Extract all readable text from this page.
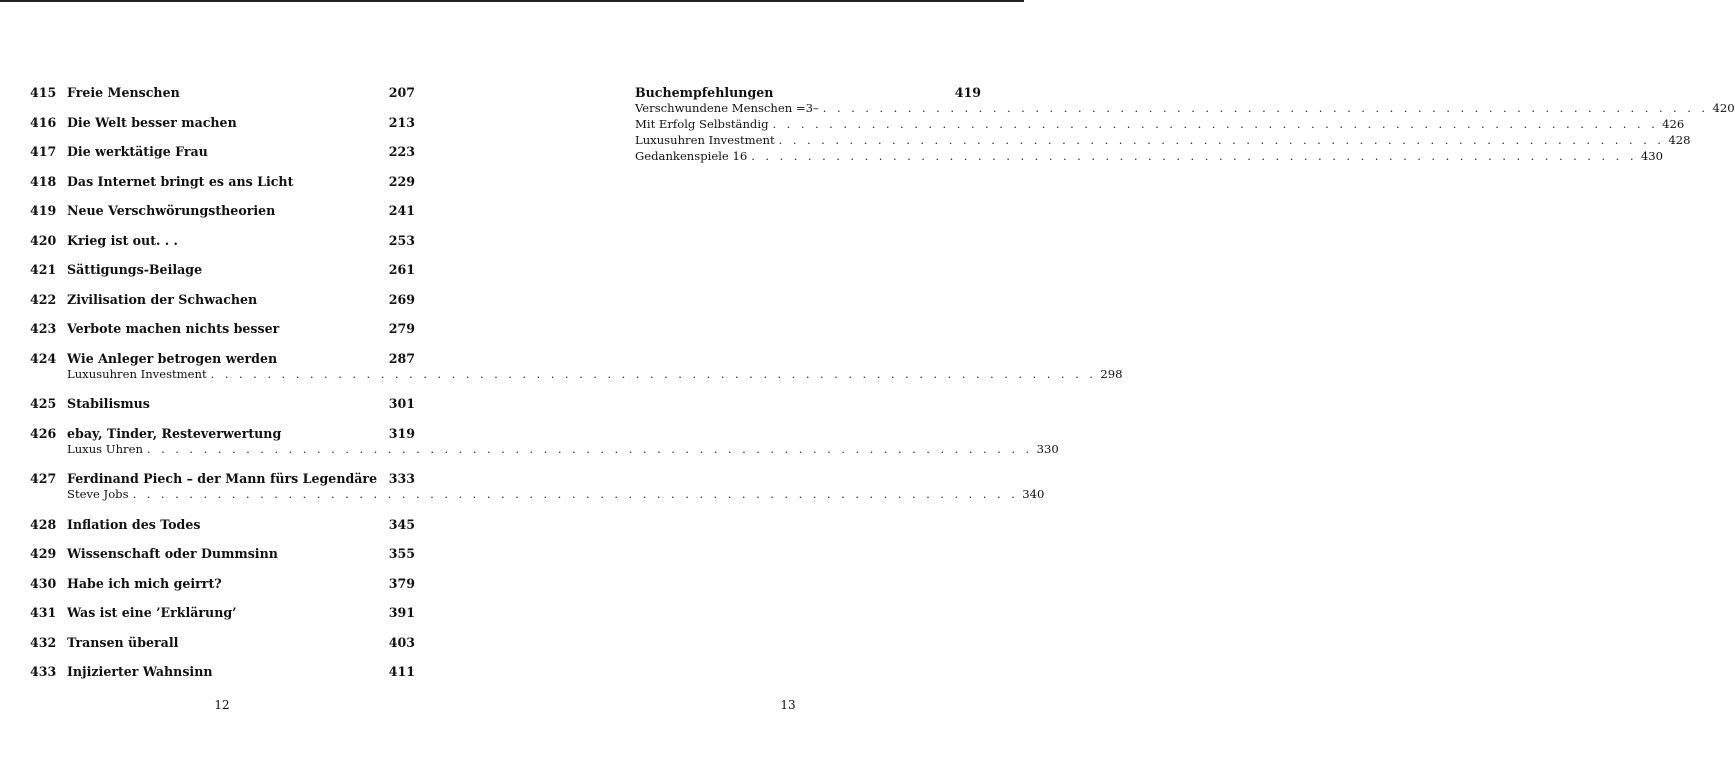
415 Freie Menschen	207
416 Die Welt besser machen	213
417 Die werktätige Frau	223
418 Das Internet bringt es ans Licht	229
419 Neue Verschwörungstheorien	241
420 Krieg ist out. . .	253
421 Sättigungs-Beilage	261
422 Zivilisation der Schwachen	269
423 Verbote machen nichts besser	279
424 Wie Anleger betrogen werden	287
Luxusuhren Investment . . . . . . . . . . . . . . . . . . . . . . . . . . . . . . . . . . . . . . . . . . . . . . . . . . . . . . . . . . . . . . . 298
425 Stabilismus	301
426 ebay, Tinder, Resteverwertung	319
Luxus Uhren . . . . . . . . . . . . . . . . . . . . . . . . . . . . . . . . . . . . . . . . . . . . . . . . . . . . . . . . . . . . . . . 330
427 Ferdinand Piech – der Mann fürs Legendäre 333
Steve Jobs . . . . . . . . . . . . . . . . . . . . . . . . . . . . . . . . . . . . . . . . . . . . . . . . . . . . . . . . . . . . . . . 340
428 Inflation des Todes	345
429 Wissenschaft oder Dummsinn	355
430 Habe ich mich geirrt?	379
431 Was ist eine ’Erklärung’	391
432 Transen überall	403
433 Injizierter Wahnsinn	411
12
Buchempfehlungen	419
Verschwundene Menschen =3– . . . . . . . . . . . . . . . . . . . . . . . . . . . . . . . . . . . . . . . . . . . . . . . . . . . . . . . . . . . . . . . 420
Mit Erfolg Selbständig . . . . . . . . . . . . . . . . . . . . . . . . . . . . . . . . . . . . . . . . . . . . . . . . . . . . . . . . . . . . . . . 426
Luxusuhren Investment . . . . . . . . . . . . . . . . . . . . . . . . . . . . . . . . . . . . . . . . . . . . . . . . . . . . . . . . . . . . . . . 428
Gedankenspiele 16 . . . . . . . . . . . . . . . . . . . . . . . . . . . . . . . . . . . . . . . . . . . . . . . . . . . . . . . . . . . . . . . 430
13
